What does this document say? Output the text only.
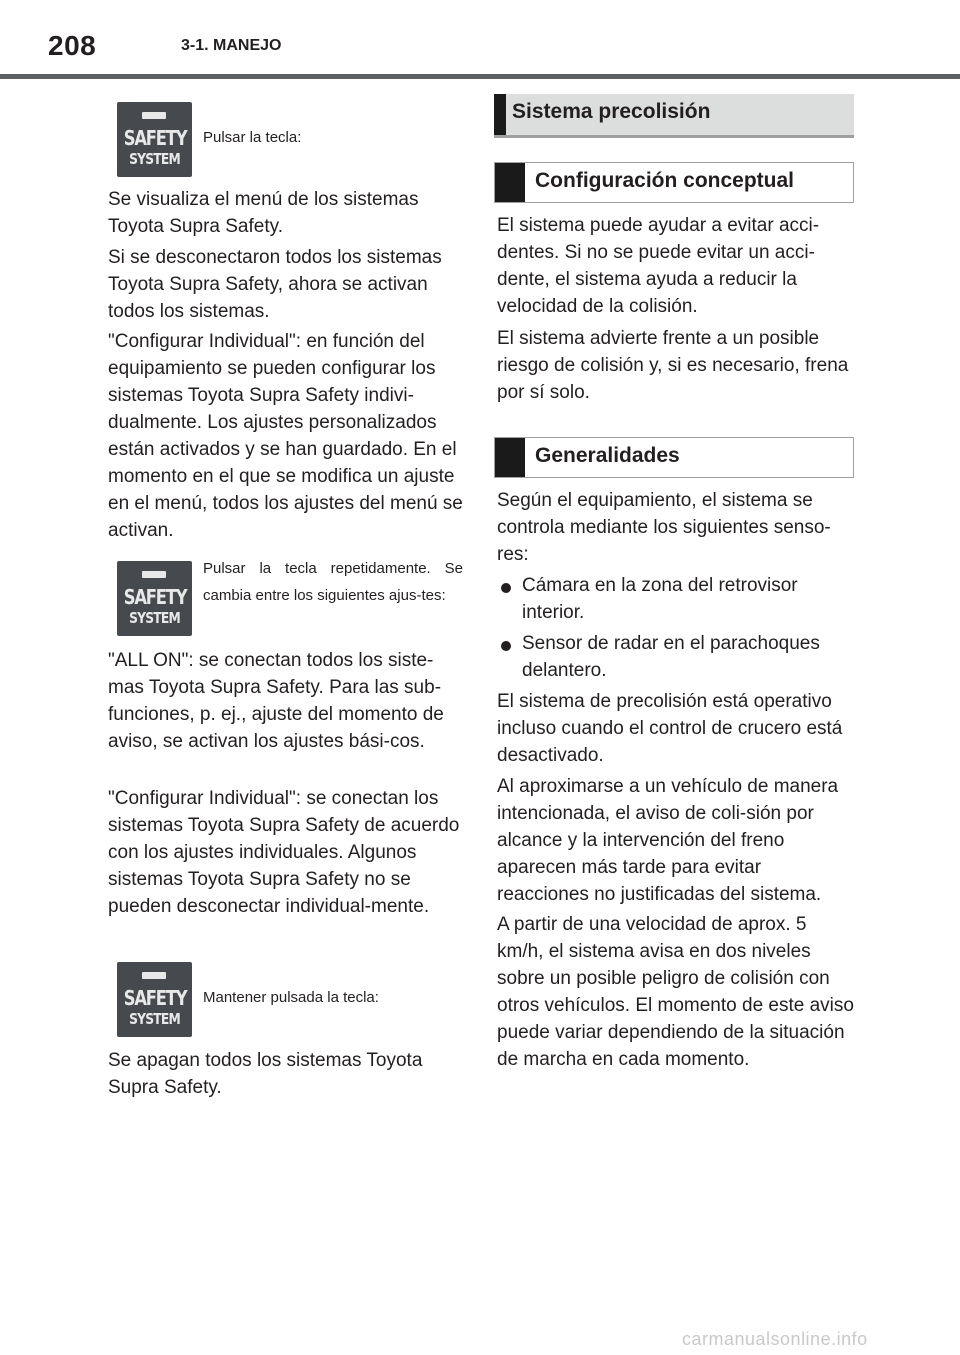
208	3-1. MANEJO
SAFETY
SYSTEM
Pulsar la tecla:

Se visualiza el menú de los sistemas Toyota Supra Safety.

Si se desconectaron todos los sistemas Toyota Supra Safety, ahora se activan todos los sistemas.

"Configurar Individual": en función del equipamiento se pueden configurar los sistemas Toyota Supra Safety indivi-dualmente. Los ajustes personalizados están activados y se han guardado. En el momento en el que se modifica un ajuste en el menú, todos los ajustes del menú se activan.

SAFETY
SYSTEM
Pulsar la tecla repetidamente. Se cambia entre los siguientes ajus-tes:

"ALL ON": se conectan todos los siste-mas Toyota Supra Safety. Para las sub-funciones, p. ej., ajuste del momento de aviso, se activan los ajustes bási-cos.

"Configurar Individual": se conectan los sistemas Toyota Supra Safety de acuerdo con los ajustes individuales. Algunos sistemas Toyota Supra Safety no se pueden desconectar individual-mente.

SAFETY
SYSTEM
Mantener pulsada la tecla:

Se apagan todos los sistemas Toyota Supra Safety.

Sistema precolisión
Configuración conceptual

El sistema puede ayudar a evitar acci-dentes. Si no se puede evitar un acci-dente, el sistema ayuda a reducir la velocidad de la colisión.

El sistema advierte frente a un posible riesgo de colisión y, si es necesario, frena por sí solo.

Generalidades

Según el equipamiento, el sistema se controla mediante los siguientes senso-res:

Cámara en la zona del retrovisor interior.
Sensor de radar en el parachoques delantero.

El sistema de precolisión está operativo incluso cuando el control de crucero está desactivado.

Al aproximarse a un vehículo de manera intencionada, el aviso de coli-sión por alcance y la intervención del freno aparecen más tarde para evitar reacciones no justificadas del sistema.

A partir de una velocidad de aprox. 5 km/h, el sistema avisa en dos niveles sobre un posible peligro de colisión con otros vehículos. El momento de este aviso puede variar dependiendo de la situación de marcha en cada momento.

carmanualsonline.info
